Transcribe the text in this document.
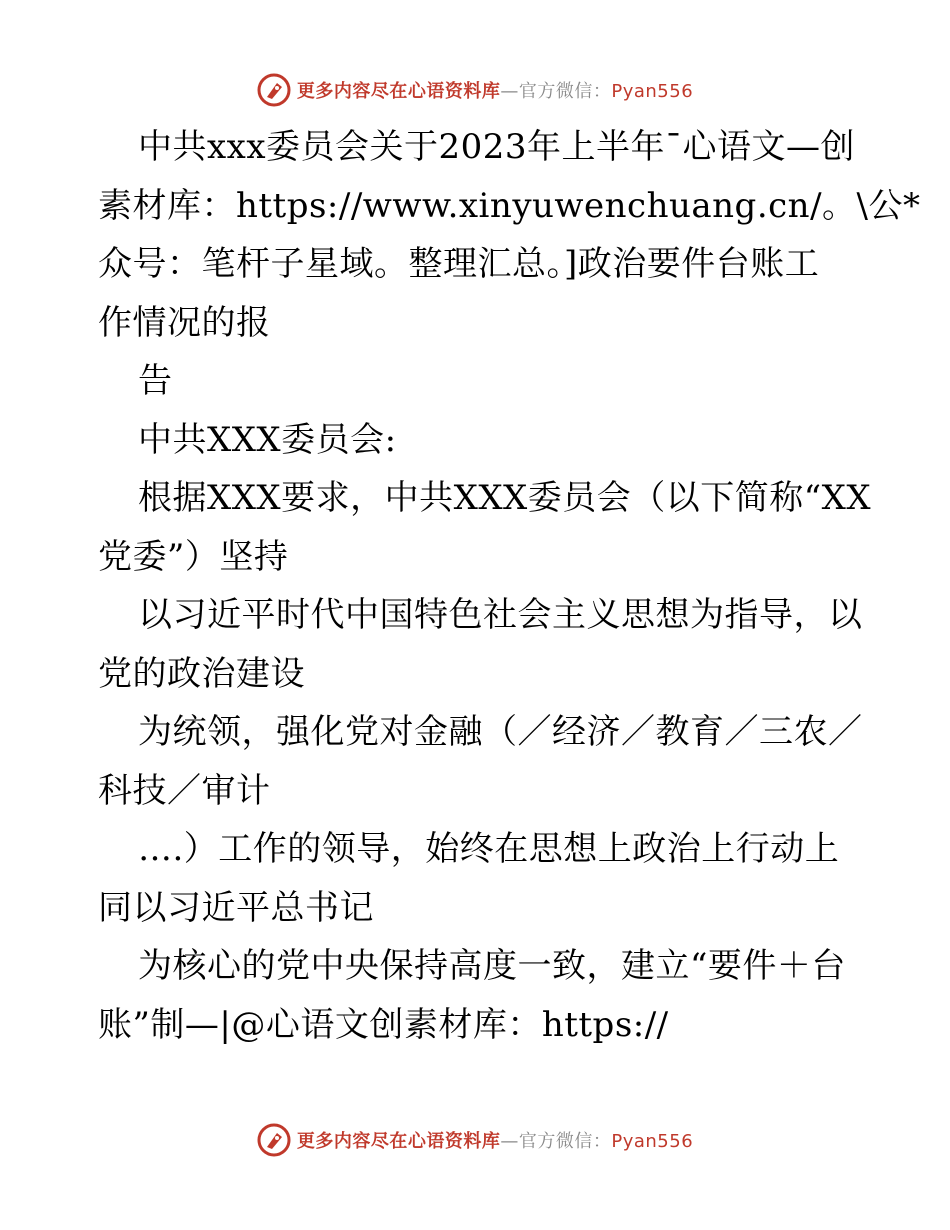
更多内容尽在心语资料库—官方微信：Pyan556
中共xxx委员会关于2023年上半年¯心语文—创
素材库：https://www.xinyuwenchuang.cn/。\公*
众号：笔杆子星域。整理汇总。]政治要件台账工
作情况的报
告
中共XXX委员会:
根据XXX要求，中共XXX委员会（以下简称“XX
党委”）坚持
以习近平时代中国特色社会主义思想为指导，以
党的政治建设
为统领，强化党对金融（／经济／教育／三农／
科技／审计
….）工作的领导，始终在思想上政治上行动上
同以习近平总书记
为核心的党中央保持高度一致，建立“要件＋台
账”制—|@心语文创素材库：https://
更多内容尽在心语资料库—官方微信：Pyan556
